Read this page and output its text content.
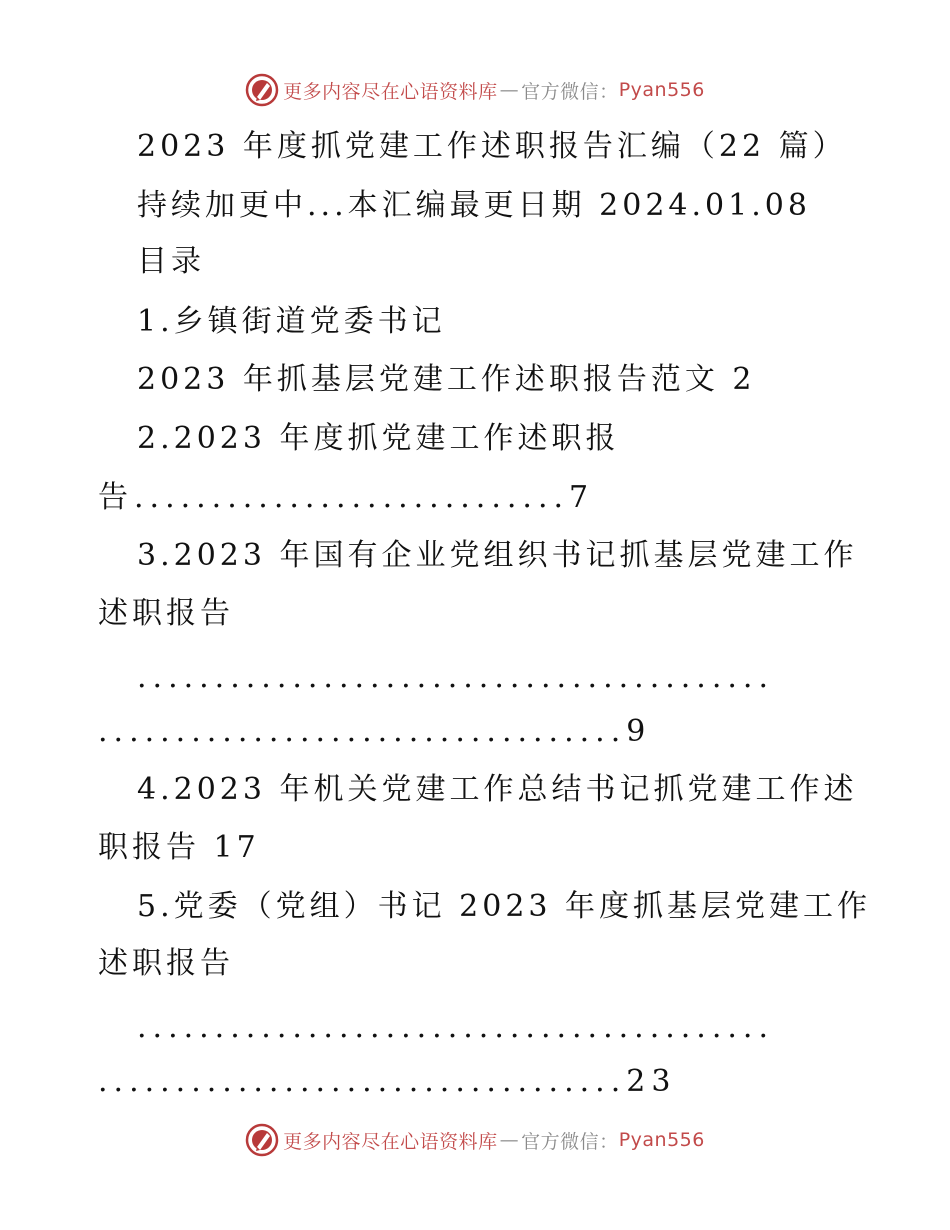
更多内容尽在心语资料库 — 官方微信： Pyan556
2023 年度抓党建工作述职报告汇编（22 篇）
持续加更中...本汇编最更日期 2024.01.08
目录
1.乡镇街道党委书记
2023 年抓基层党建工作述职报告范文 2
2.2023 年度抓党建工作述职报
告............................7
3.2023 年国有企业党组织书记抓基层党建工作
述职报告
.........................................
..................................9
4.2023 年机关党建工作总结书记抓党建工作述
职报告 17
5.党委（党组）书记 2023 年度抓基层党建工作
述职报告
.........................................
..................................23
更多内容尽在心语资料库 — 官方微信： Pyan556
